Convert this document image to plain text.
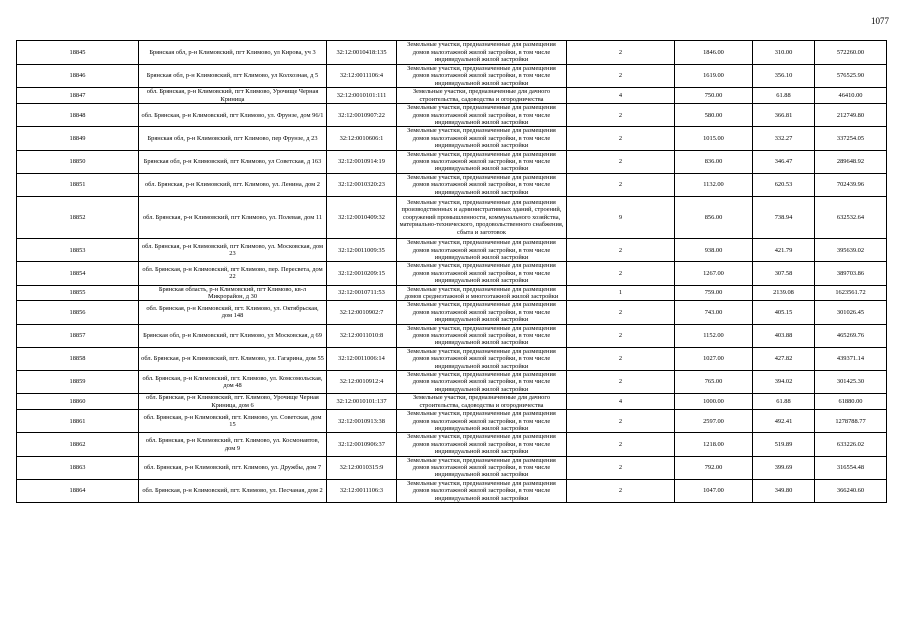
1077
18845	Брянская обл, р-н Климовский, пгт Климово, ул Кирова, уч 3	32:12:0010418:135	Земельные участки, предназначенные для размещения домов малоэтажной жилой застройки, в том числе индивидуальной жилой застройки	2	1846.00	310.00	572260.00
18846	Брянская обл, р-н Климовский, пгт Климово, ул Колхозная, д 5	32:12:0011106:4	Земельные участки, предназначенные для размещения домов малоэтажной жилой застройки, в том числе индивидуальной жилой застройки	2	1619.00	356.10	576525.90
18847	обл. Брянская, р-н Климовский, пгт Климово, Урочище Черная Криница	32:12:0010101:111	Земельные участки, предназначенные для дачного строительства, садоводства и огородничества	4	750.00	61.88	46410.00
18848	обл. Брянская, р-н Климовский, пгт Климово, ул. Фрунзе, дом 96/1	32:12:0010907:22	Земельные участки, предназначенные для размещения домов малоэтажной жилой застройки, в том числе индивидуальной жилой застройки	2	580.00	366.81	212749.80
18849	Брянская обл, р-н Климовский, пгт Климово, пер Фрунзе, д 23	32:12:0010606:1	Земельные участки, предназначенные для размещения домов малоэтажной жилой застройки, в том числе индивидуальной жилой застройки	2	1015.00	332.27	337254.05
18850	Брянская обл, р-н Климовский, пгт Климово, ул Советская, д 163	32:12:0010914:19	Земельные участки, предназначенные для размещения домов малоэтажной жилой застройки, в том числе индивидуальной жилой застройки	2	836.00	346.47	289648.92
18851	обл. Брянская, р-н Климовский, пгт. Климово, ул. Ленина, дом 2	32:12:0010320:23	Земельные участки, предназначенные для размещения домов малоэтажной жилой застройки, в том числе индивидуальной жилой застройки	2	1132.00	620.53	702439.96
18852	обл. Брянская, р-н Климовский, пгт Климово, ул. Полевая, дом 11	32:12:0010409:32	Земельные участки, предназначенные для размещения производственных и административных зданий, строений, сооружений промышленности, коммунального хозяйства, материально-технического, продовольственного снабжения, сбыта и заготовок	9	856.00	738.94	632532.64
18853	обл. Брянская, р-н Климовский, пгт Климово, ул. Московская, дом 23	32:12:0011009:35	Земельные участки, предназначенные для размещения домов малоэтажной жилой застройки, в том числе индивидуальной жилой застройки	2	938.00	421.79	395639.02
18854	обл. Брянская, р-н Климовский, пгт Климово, пер. Пересвета, дом 22	32:12:0010209:15	Земельные участки, предназначенные для размещения домов малоэтажной жилой застройки, в том числе индивидуальной жилой застройки	2	1267.00	307.58	389703.86
18855	Брянская область, р-н Климовский, пгт Климово, кв-л Микрорайон, д 30	32:12:0010711:53	Земельные участки, предназначенные для размещения домов среднеэтажной и многоэтажной жилой застройки	1	759.00	2139.08	1623561.72
18856	обл. Брянская, р-н Климовский, пгт. Климово, ул. Октябрьская, дом 148	32:12:0010902:7	Земельные участки, предназначенные для размещения домов малоэтажной жилой застройки, в том числе индивидуальной жилой застройки	2	743.00	405.15	301026.45
18857	Брянская обл, р-н Климовский, пгт Климово, ул Московская, д 69	32:12:0011010:8	Земельные участки, предназначенные для размещения домов малоэтажной жилой застройки, в том числе индивидуальной жилой застройки	2	1152.00	403.88	465269.76
18858	обл. Брянская, р-н Климовский, пгт. Климово, ул. Гагарина, дом 55	32:12:0011006:14	Земельные участки, предназначенные для размещения домов малоэтажной жилой застройки, в том числе индивидуальной жилой застройки	2	1027.00	427.82	439371.14
18859	обл. Брянская, р-н Климовский, пгт. Климово, ул. Комсомольская, дом 48	32:12:0010912:4	Земельные участки, предназначенные для размещения домов малоэтажной жилой застройки, в том числе индивидуальной жилой застройки	2	765.00	394.02	301425.30
18860	обл. Брянская, р-н Климовский, пгт. Климово, Урочище Черная Криница, дом 6	32:12:0010101:137	Земельные участки, предназначенные для дачного строительства, садоводства и огородничества	4	1000.00	61.88	61880.00
18861	обл. Брянская, р-н Климовский, пгт. Климово, ул. Советская, дом 15	32:12:0010913:38	Земельные участки, предназначенные для размещения домов малоэтажной жилой застройки, в том числе индивидуальной жилой застройки	2	2597.00	492.41	1278788.77
18862	обл. Брянская, р-н Климовский, пгт. Климово, ул. Космонавтов, дом 9	32:12:0010906:37	Земельные участки, предназначенные для размещения домов малоэтажной жилой застройки, в том числе индивидуальной жилой застройки	2	1218.00	519.89	633226.02
18863	обл. Брянская, р-н Климовский, пгт. Климово, ул. Дружбы, дом 7	32:12:0010315:9	Земельные участки, предназначенные для размещения домов малоэтажной жилой застройки, в том числе индивидуальной жилой застройки	2	792.00	399.69	316554.48
18864	обл. Брянская, р-н Климовский, пгт. Климово, ул. Песчаная, дом 2	32:12:0011106:3	Земельные участки, предназначенные для размещения домов малоэтажной жилой застройки, в том числе индивидуальной жилой застройки	2	1047.00	349.80	366240.60
